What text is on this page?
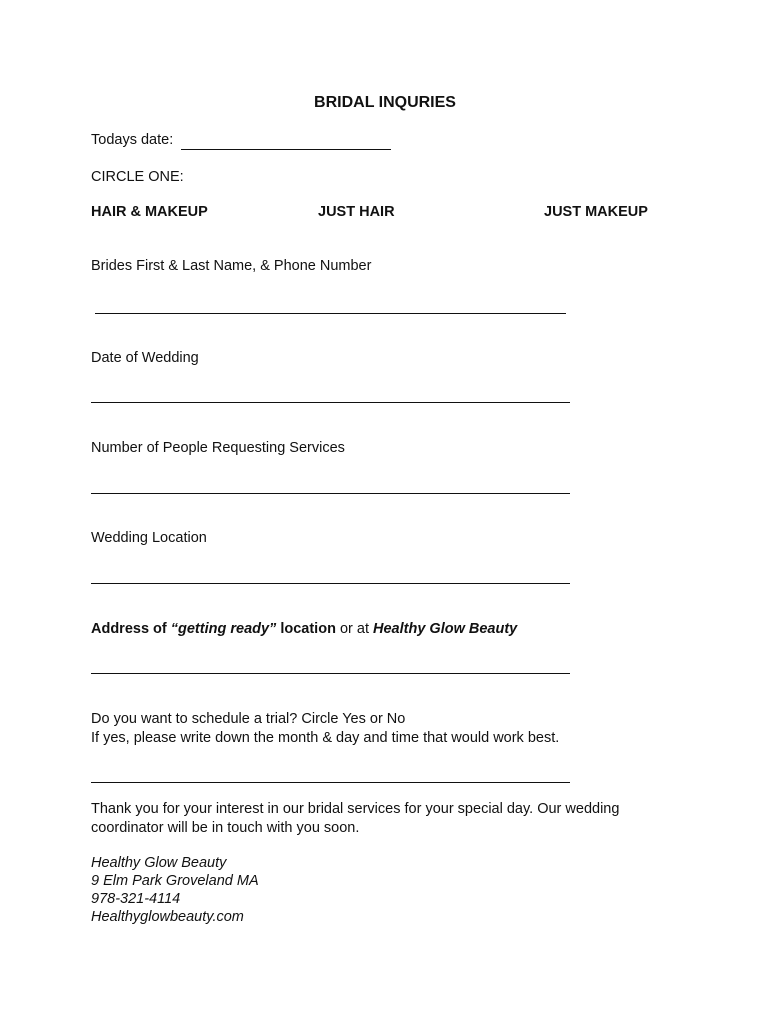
BRIDAL INQURIES
Todays date:
CIRCLE ONE:
HAIR & MAKEUP	JUST HAIR	JUST MAKEUP
Brides First & Last Name, & Phone Number
Date of Wedding
Number of People Requesting Services
Wedding Location
Address of “getting ready” location or at Healthy Glow Beauty
Do you want to schedule a trial? Circle Yes or No
If yes, please write down the month & day and time that would work best.
Thank you for your interest in our bridal services for your special day. Our wedding
coordinator will be in touch with you soon.
Healthy Glow Beauty
9 Elm Park Groveland MA
978-321-4114
Healthyglowbeauty.com
